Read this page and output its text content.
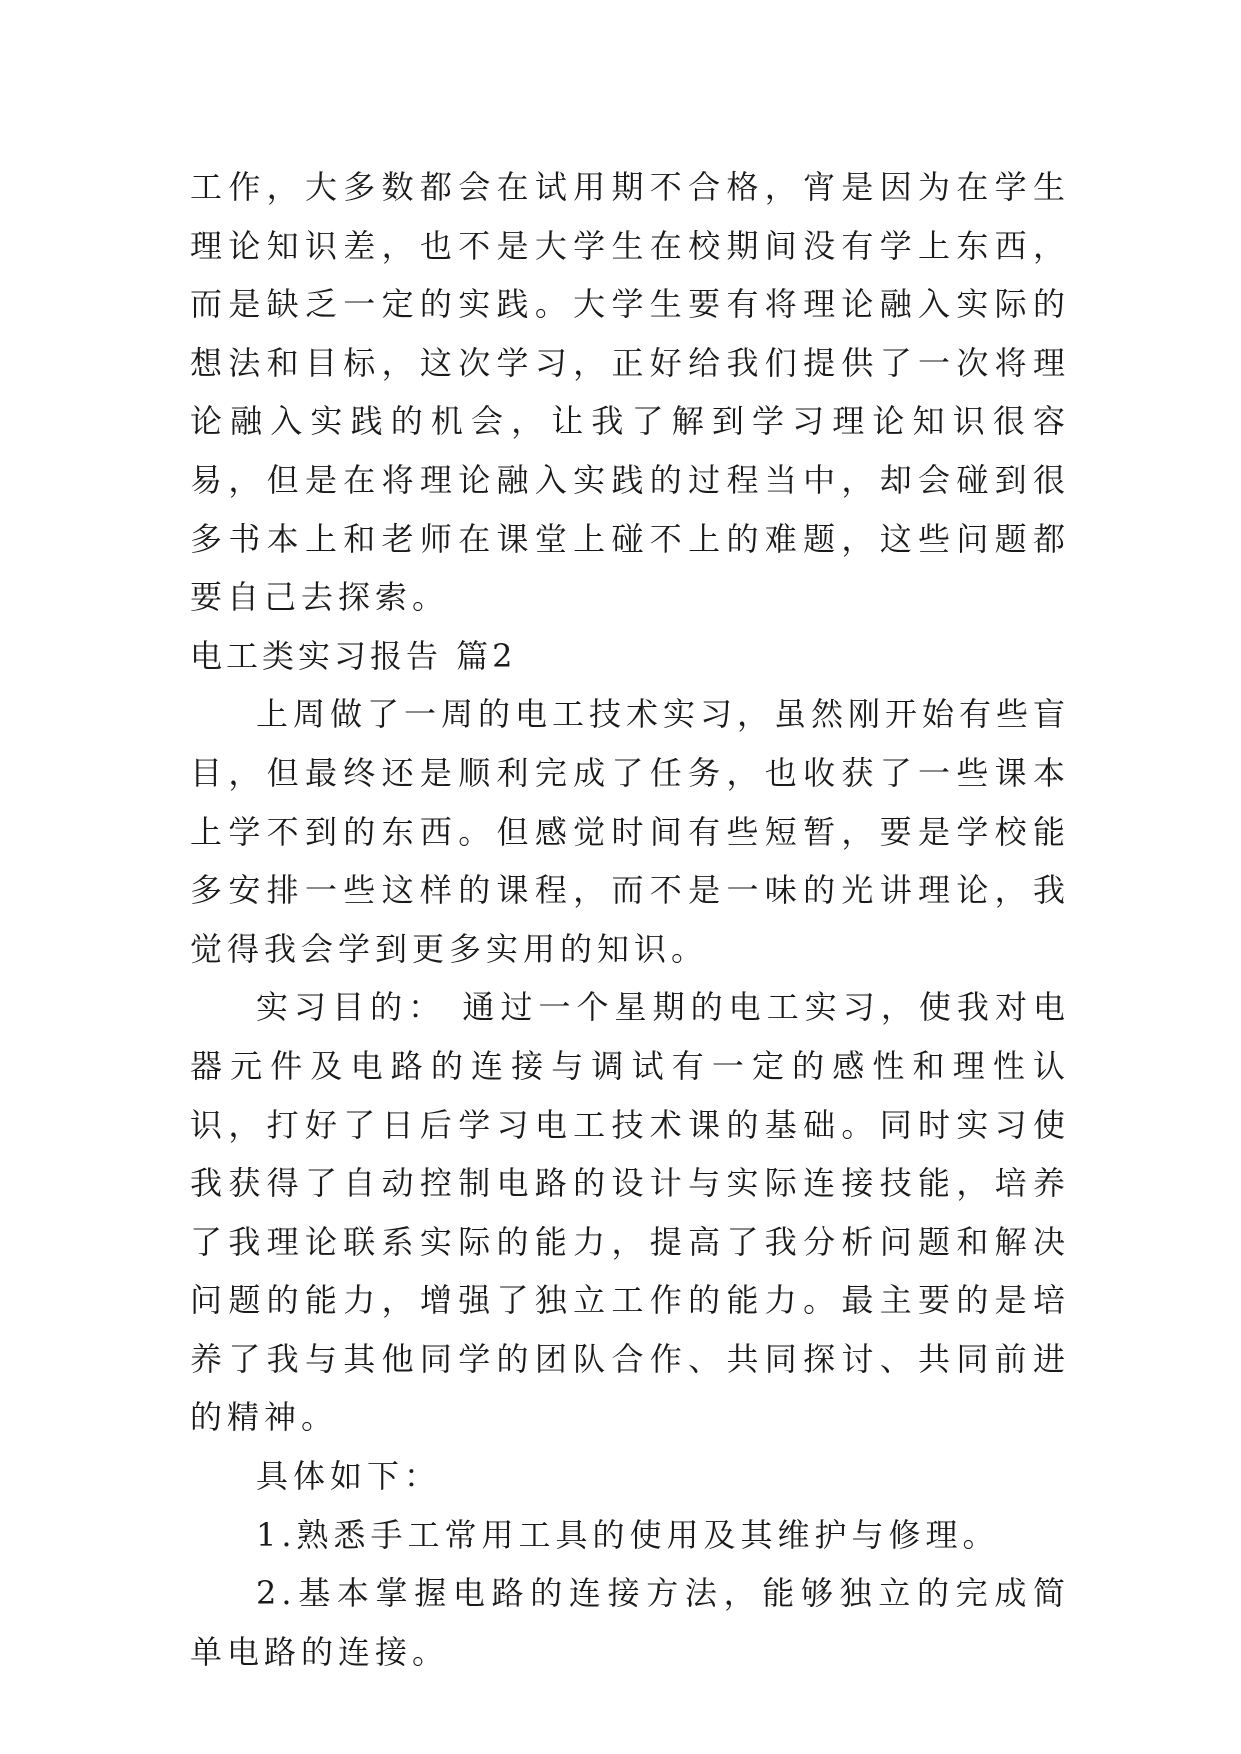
工作，大多数都会在试用期不合格，宵是因为在学生理论知识差，也不是大学生在校期间没有学上东西，而是缺乏一定的实践。大学生要有将理论融入实际的想法和目标，这次学习，正好给我们提供了一次将理论融入实践的机会，让我了解到学习理论知识很容易，但是在将理论融入实践的过程当中，却会碰到很多书本上和老师在课堂上碰不上的难题，这些问题都要自己去探索。

电工类实习报告 篇2

上周做了一周的电工技术实习，虽然刚开始有些盲目，但最终还是顺利完成了任务，也收获了一些课本上学不到的东西。但感觉时间有些短暂，要是学校能多安排一些这样的课程，而不是一味的光讲理论，我觉得我会学到更多实用的知识。

实习目的： 通过一个星期的电工实习，使我对电器元件及电路的连接与调试有一定的感性和理性认识，打好了日后学习电工技术课的基础。同时实习使我获得了自动控制电路的设计与实际连接技能，培养了我理论联系实际的能力，提高了我分析问题和解决问题的能力，增强了独立工作的能力。最主要的是培养了我与其他同学的团队合作、共同探讨、共同前进的精神。

具体如下：

1.熟悉手工常用工具的使用及其维护与修理。

2.基本掌握电路的连接方法，能够独立的完成简单电路的连接。
